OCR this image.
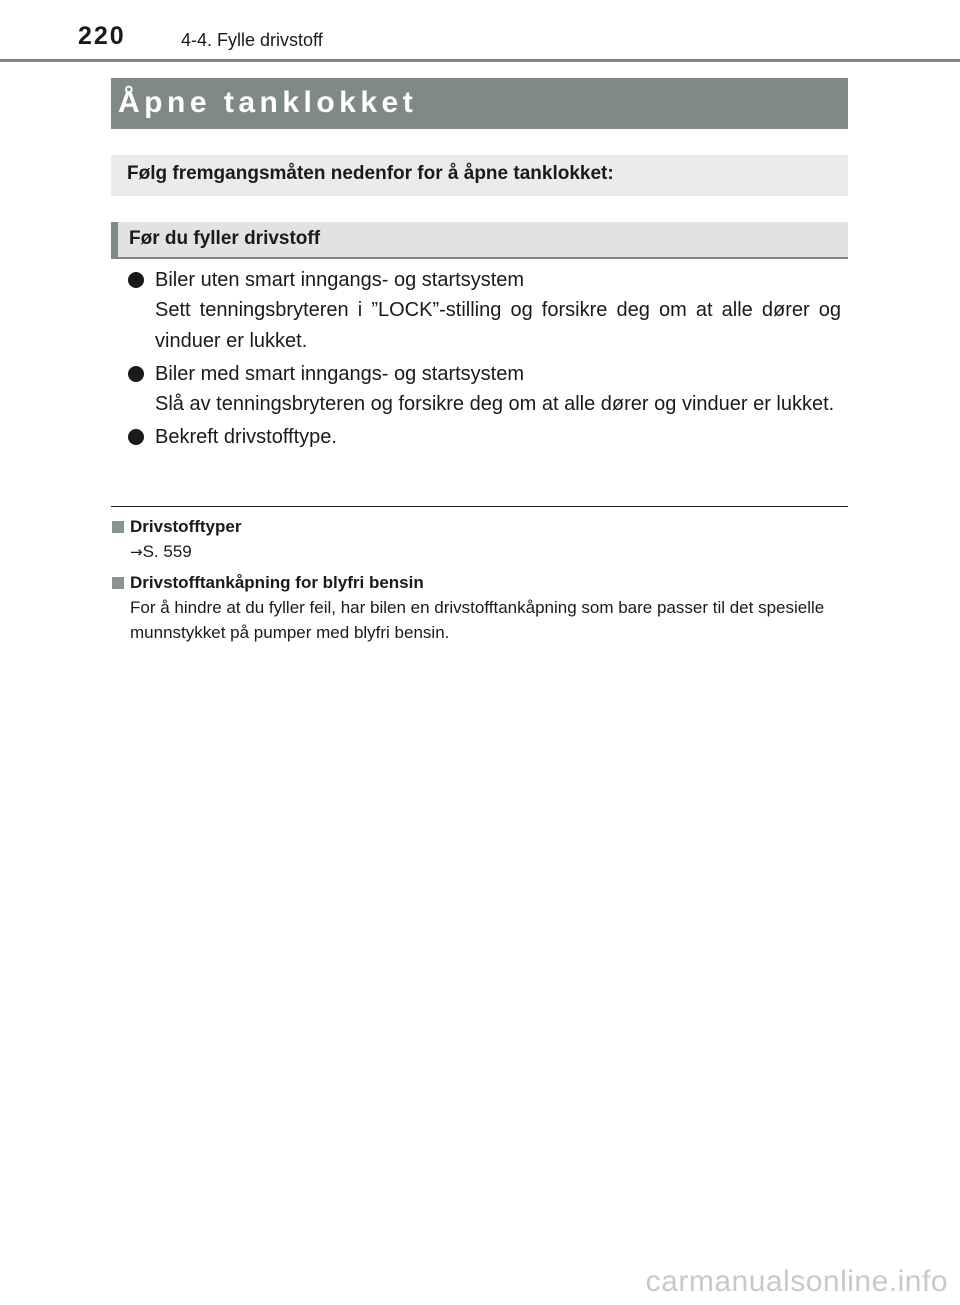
220	4-4. Fylle drivstoff
Åpne tanklokket
Følg fremgangsmåten nedenfor for å åpne tanklokket:
Før du fyller drivstoff
Biler uten smart inngangs- og startsystem
Sett tenningsbryteren i ”LOCK”-stilling og forsikre deg om at alle dører og vinduer er lukket.
Biler med smart inngangs- og startsystem
Slå av tenningsbryteren og forsikre deg om at alle dører og vinduer er lukket.
Bekreft drivstofftype.
Drivstofftyper
→S. 559
Drivstofftankåpning for blyfri bensin
For å hindre at du fyller feil, har bilen en drivstofftankåpning som bare passer til det spesielle munnstykket på pumper med blyfri bensin.
carmanualsonline.info
